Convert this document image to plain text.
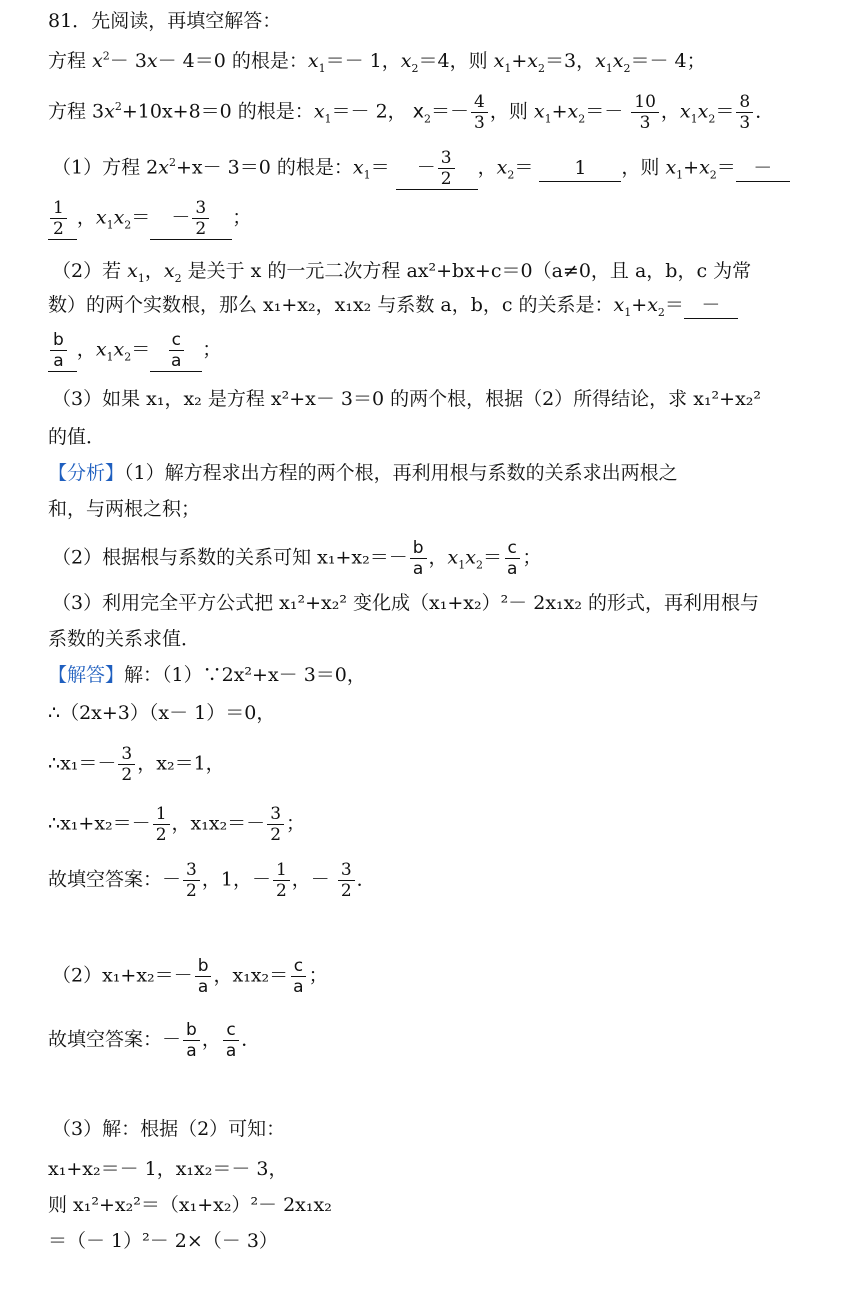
81．先阅读，再填空解答：
方程 $x^2- 3x- 4=0$ 的根是：$x_1=- 1$，$x_2=4$，则 $x_1+x_2=3$，$x_1x_2=- 4$；
方程 $3x^2+10x+8=0$ 的根是：$x_1=- 2$， $x_2=- \frac{4}{3}$ ，则 $x_1+x_2=- \frac{10}{3}$ ，$x_1x_2= \frac{8}{3}$ ．
（1）方程 $2x^2+x- 3=0$ 的根是：$x_1= - \frac{3}{2}$ ，$x_2= 1$ ，则 $x_1+x_2=$ －
$\frac{1}{2}$ ，$x_1x_2= - \frac{3}{2}$ ；
（2）若 $x_1$，$x_2$ 是关于 x 的一元二次方程 ax²+bx+c＝0（a≠0，且 a，b，c 为常
数）的两个实数根，那么 x₁+x₂，x₁x₂ 与系数 a，b，c 的关系是：$x_1+x_2=$ －
$\frac{b}{a}$ ，$x_1x_2= \frac{c}{a}$ ；
（3）如果 x₁，x₂ 是方程 x²+x－ 3＝0 的两个根，根据（2）所得结论，求 x₁²+x₂²
的值．
【分析】（1）解方程求出方程的两个根，再利用根与系数的关系求出两根之
和，与两根之积；
（2）根据根与系数的关系可知 $x_1+x_2=- \frac{b}{a}$ ，$x_1x_2= \frac{c}{a}$ ；
（3）利用完全平方公式把 x₁²+x₂² 变化成（x₁+x₂）²－ 2x₁x₂ 的形式，再利用根与
系数的关系求值．
【解答】解：（1）∵2x²+x－ 3＝0，
∴（2x+3）（x－ 1）＝0，
∴x₁＝－ $\frac{3}{2}$ ，x₂＝1，
∴x₁+x₂＝－ $\frac{1}{2}$ ，$x_1x_2=- \frac{3}{2}$ ；
故填空答案：－ $\frac{3}{2}$ ，1，－ $\frac{1}{2}$ ，－ $\frac{3}{2}$ ．
$(2)x_1+x_2=- \frac{b}{a}$ ，$x_1x_2= \frac{c}{a}$ ；
故填空答案：－ $\frac{b}{a}$ ， $\frac{c}{a}$ ．
（3）解：根据（2）可知：
x₁+x₂＝－ 1，x₁x₂＝－ 3，
则 x₁²+x₂²＝（x₁+x₂）²－ 2x₁x₂
＝（－ 1）²－ 2×（－ 3）
